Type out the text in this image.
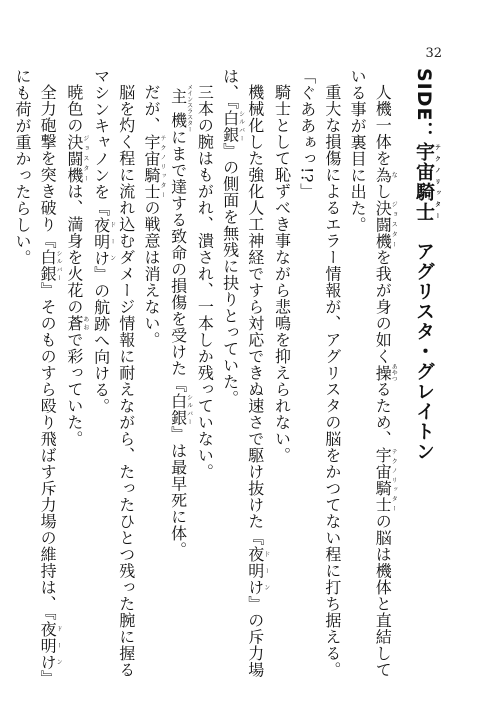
32

SIDE：宇宙騎士テクノリッター　アグリスタ・グレイトン

人機一体を為なし決闘機ジョスターを我が身の如く操あやつるため、宇宙騎士テクノリッターの脳は機体と直結している事が裏目に出た。

重大な損傷によるエラー情報が、アグリスタの脳をかつてない程に打ち据える。

「ぐああぁっ!?」

騎士として恥ずべき事ながら悲鳴を抑えられない。

機械化した強化人工神経ですら対応できぬ速さで駆け抜けた『夜明けドーン』の斥力場は、『白銀シルバー』の側面を無残に抉りとっていた。

三本の腕はもがれ、潰され、一本しか残っていない。

主機メインスラスターにまで達する致命の損傷を受けた『白銀シルバー』は最早死に体。

だが、宇宙騎士テクノリッターの戦意は消えない。

脳を灼く程に流れ込むダメージ情報に耐えながら、たったひとつ残った腕に握るマシンキャノンを『夜明けドーン』の航跡へ向ける。

暁色の決闘機ジョスターは、満身を火花の蒼あおで彩っていた。

全力砲撃を突き破り『白銀シルバー』そのものすら殴り飛ばす斥力場の維持は、『夜明けドーン』にも荷が重かったらしい。
